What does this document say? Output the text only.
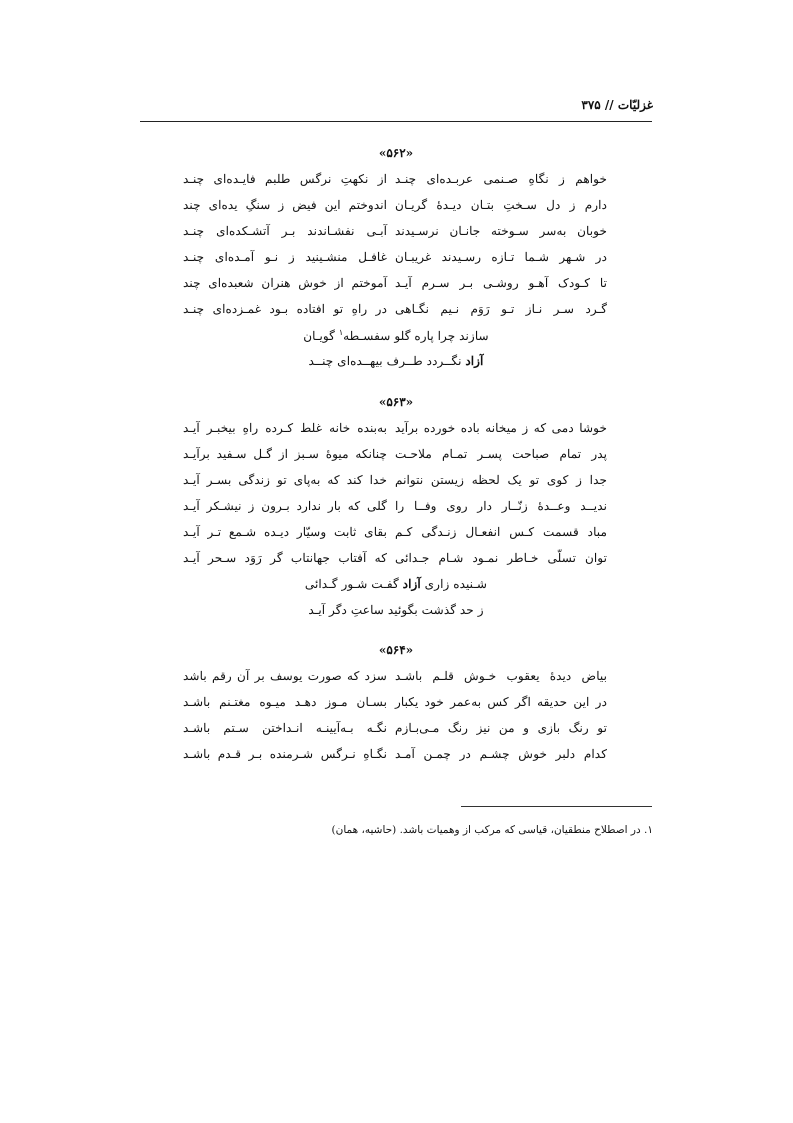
غزلیّات // ۳۷۵
«۵۶۲»
خواهم ز نگاهِ صـنمی عربـده‌ای چنـد
از نکهتِ نرگس طلبم فایـده‌ای چنـد
دارم ز دل سـختِ بتـان دیـدهٔ گریـان
اندوختم این فیض ز سنگِ یده‌ای چند
خوبان به‌سر سـوخته جانـان نرسـیدند
آبـی نفشـاندند بـر آتشـکده‌ای چنـد
در شـهر شـما تـازه رسـیدند غریبـان
غافـل منشـینید ز نـو آمـده‌ای چنـد
تا کـودک آهـو روشـی بـر سـرم آیـد
آموختم از خوش هنران شعبده‌ای چند
گـرد سـر نـاز تـو رَوَم نـیم نگـاهی
در راهِ تو افتاده بـود غمـزده‌ای چنـد
سازند چرا پاره گلو سفسـطه$^۱$ گویـان
آزاد نگــردد طــرف بیهــده‌ای چنــد
«۵۶۳»
خوشا دمی که ز میخانه باده خورده برآید
به‌بنده خانه غلط کـرده راهِ بیخبـر آیـد
پدر تمام صباحت پسـر تمـام ملاحـت
چنانکه میوهٔ سـبز از گـل سـفید برآیـد
جدا ز کوی تو یک لحظه زیستن نتوانم
خدا کند که به‌پای تو زندگی بسـر آیـد
ندیــد وعــدهٔ زنّــار دار روی وفــا را
گلی که بار ندارد بـرون ز نیشـکر آیـد
مباد قسمت کـس انفعـال زنـدگی کـم
بقای ثابت وسیّار دیـده شـمع تـر آیـد
توان تسلّی خـاطر نمـود شـام جـدائی
که آفتاب جهانتاب گر رَوَد سـحر آیـد
شـنیده زاری آزاد گفـت شـور گـدائی
ز حد گذشت بگوئید ساعتِ دگر آیـد
«۵۶۴»
بیاض دیدهٔ یعقوب خـوش قلـم باشـد
سزد که صورت یوسف بر آن رقم باشد
در این حدیقه اگر کس به‌عمر خود یکبار
بسـان مـوز دهـد میـوه مغتـنم باشـد
تو رنگ بازی و من نیز رنگ مـی‌بـازم
نگـه بـه‌آیینـه انـداختن سـتم باشـد
کدام دلبر خوش چشـم در چمـن آمـد
نگـاهِ نـرگس شـرمنده بـر قـدم باشـد
۱. در اصطلاح منطقیان، قیاسی که مرکب از وهمیات باشد. (حاشیه، همان)
